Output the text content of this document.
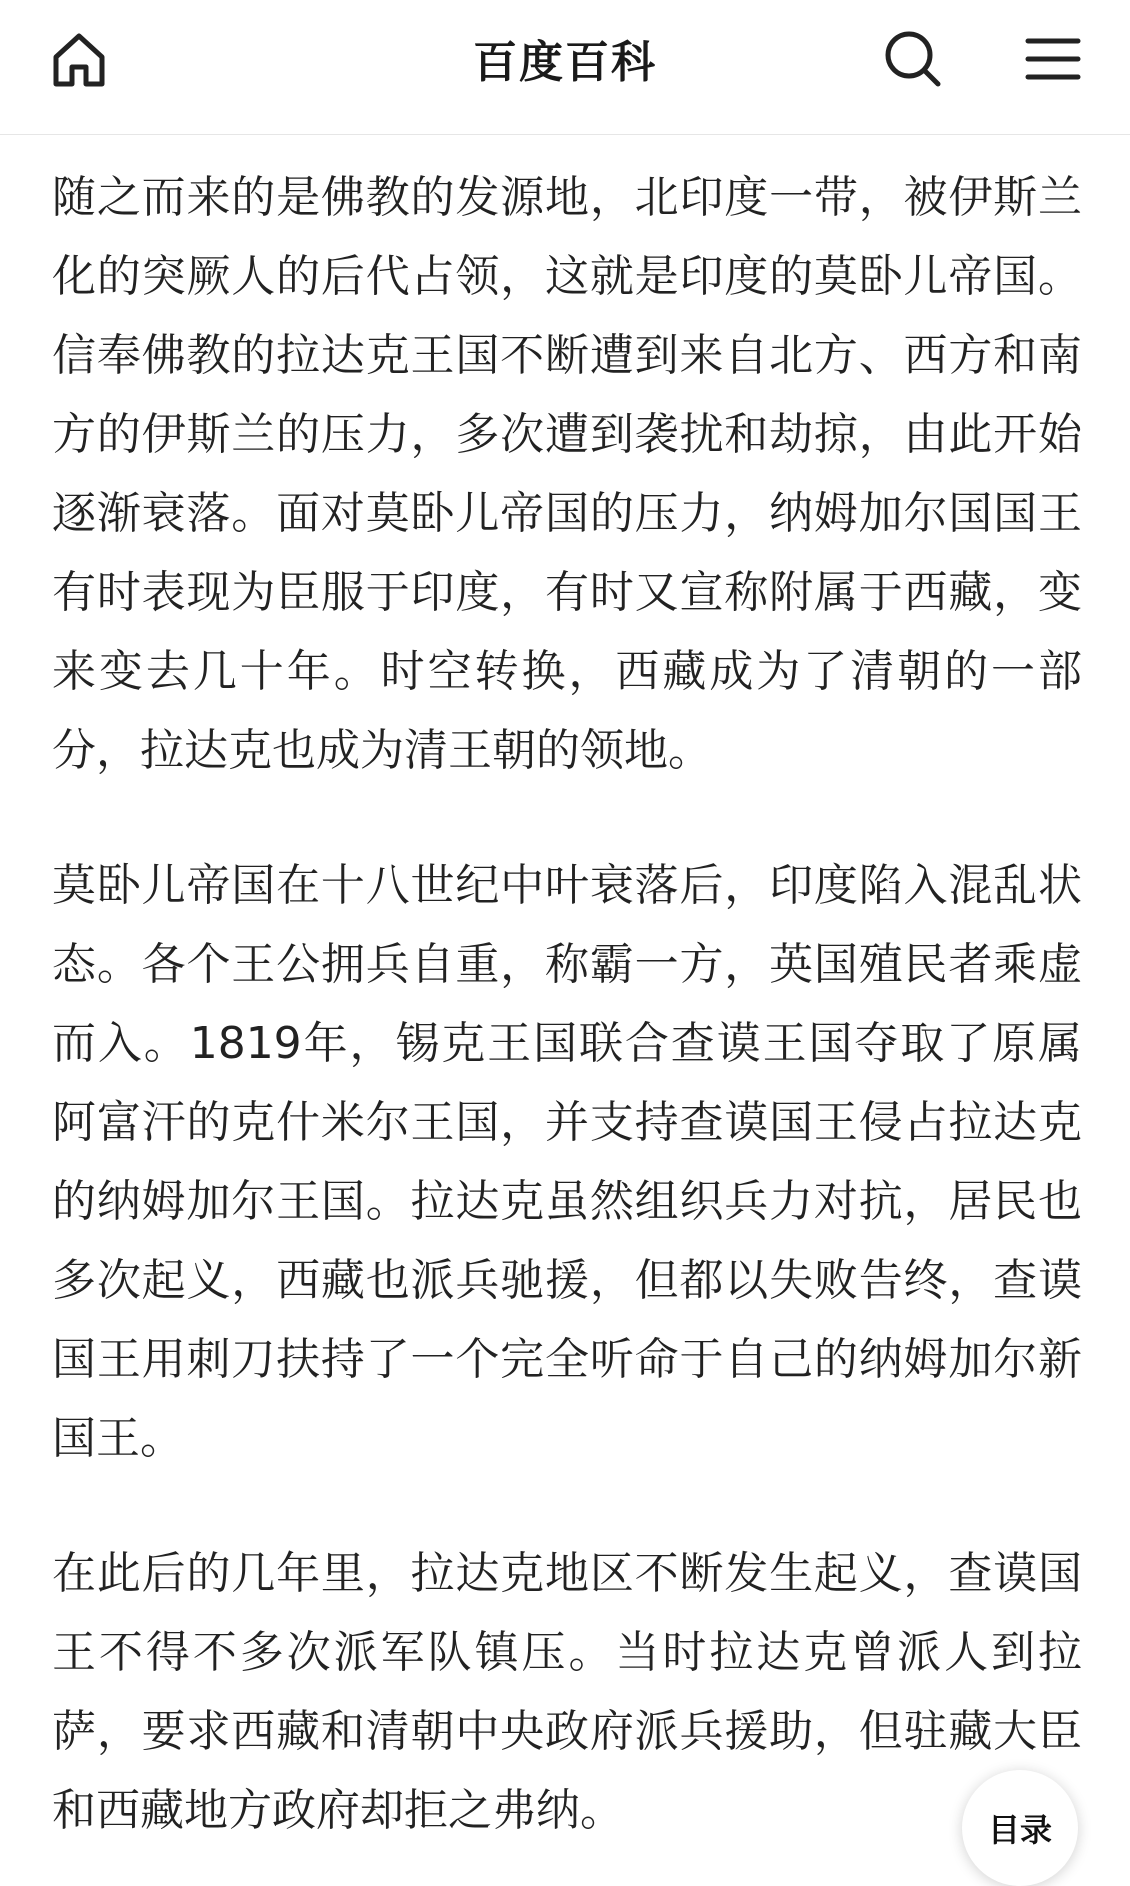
百度百科

随之而来的是佛教的发源地，北印度一带，被伊斯兰化的突厥人的后代占领，这就是印度的莫卧儿帝国。信奉佛教的拉达克王国不断遭到来自北方、西方和南方的伊斯兰的压力，多次遭到袭扰和劫掠，由此开始逐渐衰落。面对莫卧儿帝国的压力，纳姆加尔国国王有时表现为臣服于印度，有时又宣称附属于西藏，变来变去几十年。时空转换，西藏成为了清朝的一部分，拉达克也成为清王朝的领地。

莫卧儿帝国在十八世纪中叶衰落后，印度陷入混乱状态。各个王公拥兵自重，称霸一方，英国殖民者乘虚而入。1819年，锡克王国联合查谟王国夺取了原属阿富汗的克什米尔王国，并支持查谟国王侵占拉达克的纳姆加尔王国。拉达克虽然组织兵力对抗，居民也多次起义，西藏也派兵驰援，但都以失败告终，查谟国王用刺刀扶持了一个完全听命于自己的纳姆加尔新国王。

在此后的几年里，拉达克地区不断发生起义，查谟国王不得不多次派军队镇压。当时拉达克曾派人到拉萨，要求西藏和清朝中央政府派兵援助，但驻藏大臣和西藏地方政府却拒之弗纳。	目录
